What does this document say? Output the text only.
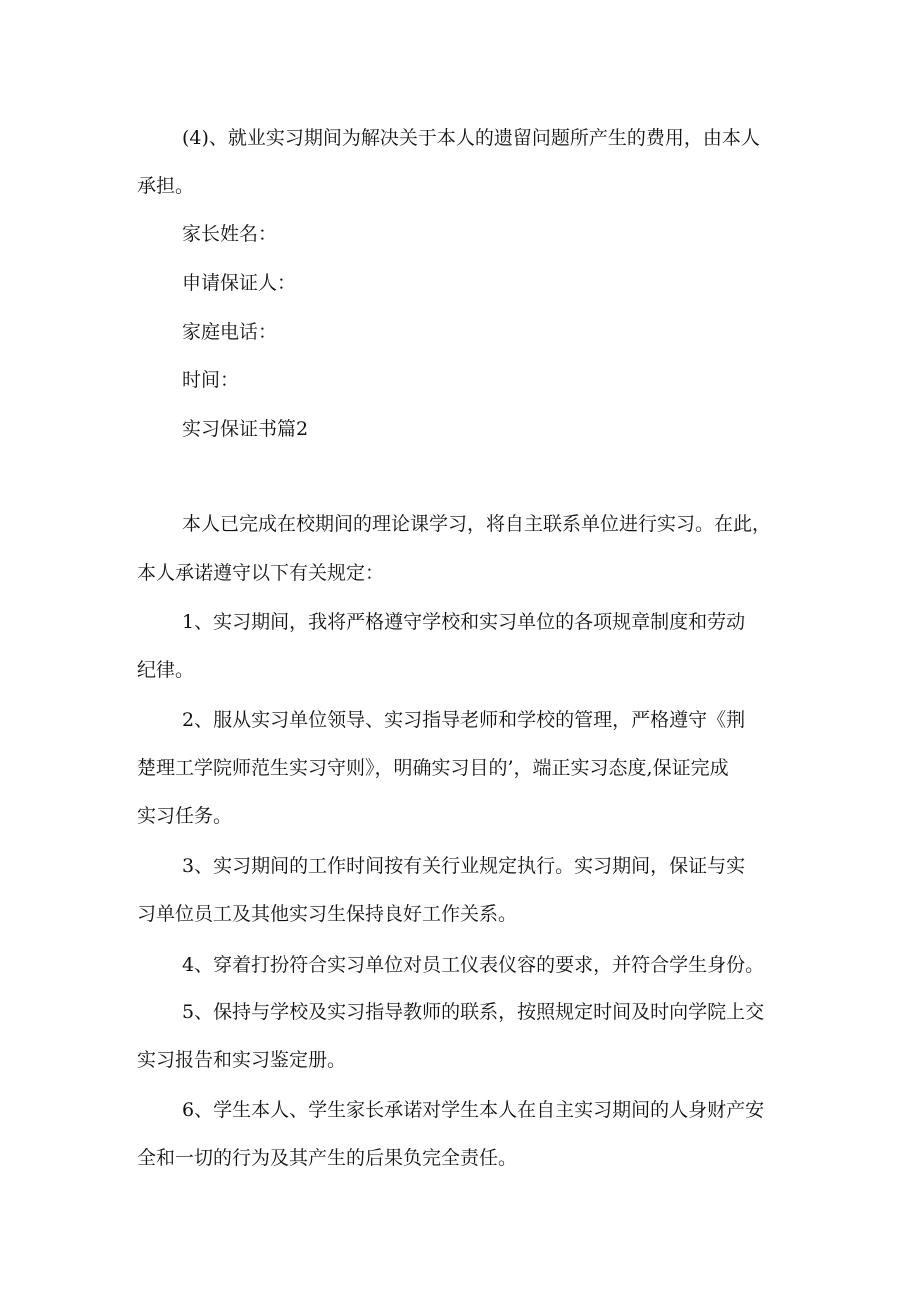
(4)、就业实习期间为解决关于本人的遗留问题所产生的费用，由本人

承担。

家长姓名：

申请保证人：

家庭电话：

时间：

实习保证书篇2

本人已完成在校期间的理论课学习，将自主联系单位进行实习。在此，

本人承诺遵守以下有关规定：

1、实习期间，我将严格遵守学校和实习单位的各项规章制度和劳动

纪律。

2、服从实习单位领导、实习指导老师和学校的管理，严格遵守《荆

楚理工学院师范生实习守则》，明确实习目的’，端正实习态度,保证完成

实习任务。

3、实习期间的工作时间按有关行业规定执行。实习期间，保证与实

习单位员工及其他实习生保持良好工作关系。

4、穿着打扮符合实习单位对员工仪表仪容的要求，并符合学生身份。

5、保持与学校及实习指导教师的联系，按照规定时间及时向学院上交

实习报告和实习鉴定册。

6、学生本人、学生家长承诺对学生本人在自主实习期间的人身财产安

全和一切的行为及其产生的后果负完全责任。
